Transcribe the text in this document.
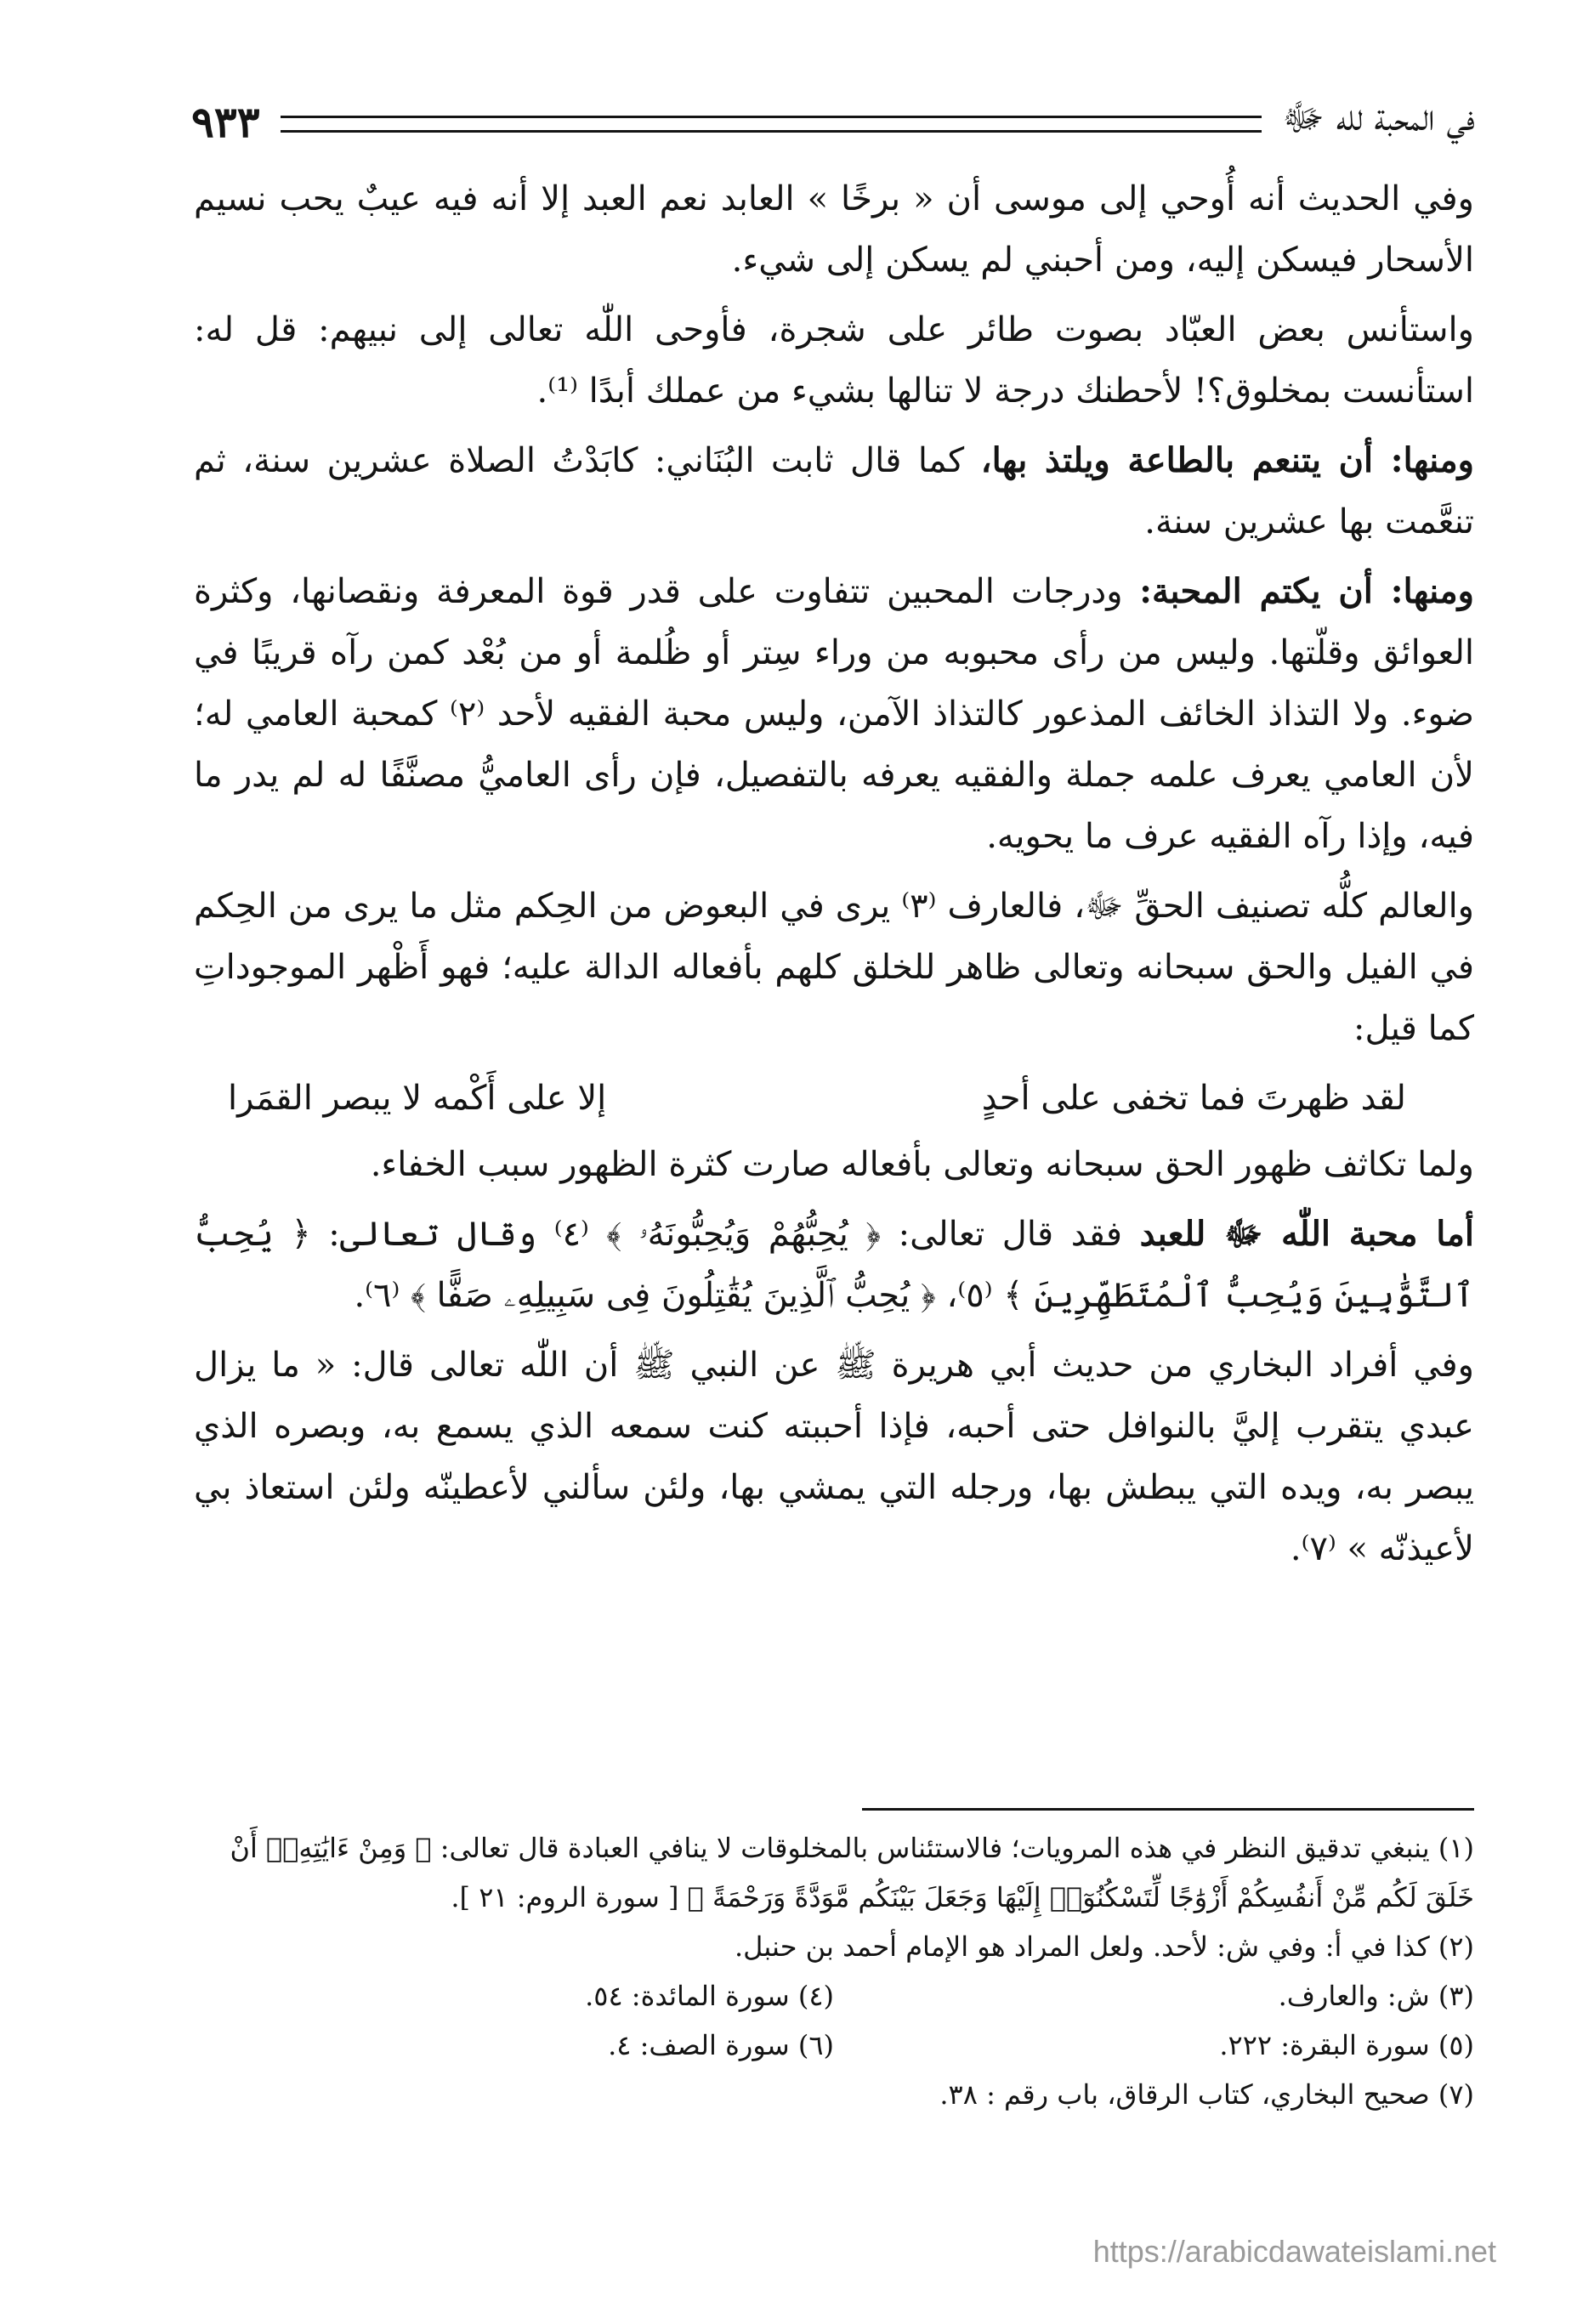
في المحبة لله ﷻ
٩٣٣

وفي الحديث أنه أُوحي إلى موسى أن « برخًا » العابد نعم العبد إلا أنه فيه عيبٌ يحب نسيم الأسحار فيسكن إليه، ومن أحبني لم يسكن إلى شيء.

واستأنس بعض العبّاد بصوت طائر على شجرة، فأوحى اللّٰه تعالى إلى نبيهم: قل له: استأنست بمخلوق؟! لأحطنك درجة لا تنالها بشيء من عملك أبدًا ⁽¹⁾.

ومنها: أن يتنعم بالطاعة ويلتذ بها، كما قال ثابت البُنَاني: كابَدْتُ الصلاة عشرين سنة، ثم تنعَّمت بها عشرين سنة.

ومنها: أن يكتم المحبة: ودرجات المحبين تتفاوت على قدر قوة المعرفة ونقصانها، وكثرة العوائق وقلّتها. وليس من رأى محبوبه من وراء سِتر أو ظُلمة أو من بُعْد كمن رآه قريبًا في ضوء. ولا التذاذ الخائف المذعور كالتذاذ الآمن، وليس محبة الفقيه لأحد ⁽٢⁾ كمحبة العامي له؛ لأن العامي يعرف علمه جملة والفقيه يعرفه بالتفصيل، فإن رأى العاميُّ مصنَّفًا له لم يدر ما فيه، وإذا رآه الفقيه عرف ما يحويه.

والعالم كلُّه تصنيف الحقِّ ﷻ، فالعارف ⁽٣⁾ يرى في البعوض من الحِكم مثل ما يرى من الحِكم في الفيل والحق سبحانه وتعالى ظاهر للخلق كلهم بأفعاله الدالة عليه؛ فهو أَظْهر الموجوداتِ كما قيل:

لقد ظهرتَ فما تخفى على أحدٍ
إلا على أَكْمه لا يبصر القمَرا

ولما تكاثف ظهور الحق سبحانه وتعالى بأفعاله صارت كثرة الظهور سبب الخفاء.

أما محبة اللّٰه ﷻ للعبد فقد قال تعالى: ﴿ يُحِبُّهُمْ وَيُحِبُّونَهُۥ ﴾ ⁽٤⁾ وقال تعالى: ﴿ يُحِبُّ ٱلتَّوَّٰبِينَ وَيُحِبُّ ٱلْمُتَطَهِّرِينَ ﴾ ⁽٥⁾، ﴿ يُحِبُّ ٱلَّذِينَ يُقَٰتِلُونَ فِى سَبِيلِهِۦ صَفًّا ﴾ ⁽٦⁾.

وفي أفراد البخاري من حديث أبي هريرة ﷺ عن النبي ﷺ أن اللّٰه تعالى قال: « ما يزال عبدي يتقرب إليَّ بالنوافل حتى أحبه، فإذا أحببته كنت سمعه الذي يسمع به، وبصره الذي يبصر به، ويده التي يبطش بها، ورجله التي يمشي بها، ولئن سألني لأعطينّه ولئن استعاذ بي لأعيذنّه » ⁽٧⁾.

(١) ينبغي تدقيق النظر في هذه المرويات؛ فالاستئناس بالمخلوقات لا ينافي العبادة قال تعالى: ﴿ وَمِنْ ءَايَٰتِهِۦٓ أَنْ خَلَقَ لَكُم مِّنْ أَنفُسِكُمْ أَزْوَٰجًا لِّتَسْكُنُوٓا۟ إِلَيْهَا وَجَعَلَ بَيْنَكُم مَّوَدَّةً وَرَحْمَةً ﴾ [ سورة الروم: ٢١ ].

(٢) كذا في أ: وفي ش: لأحد. ولعل المراد هو الإمام أحمد بن حنبل.

(٣) ش: والعارف.

(٤) سورة المائدة: ٥٤.

(٥) سورة البقرة: ٢٢٢.

(٦) سورة الصف: ٤.

(٧) صحيح البخاري، كتاب الرقاق، باب رقم : ٣٨.

https://arabicdawateislami.net
